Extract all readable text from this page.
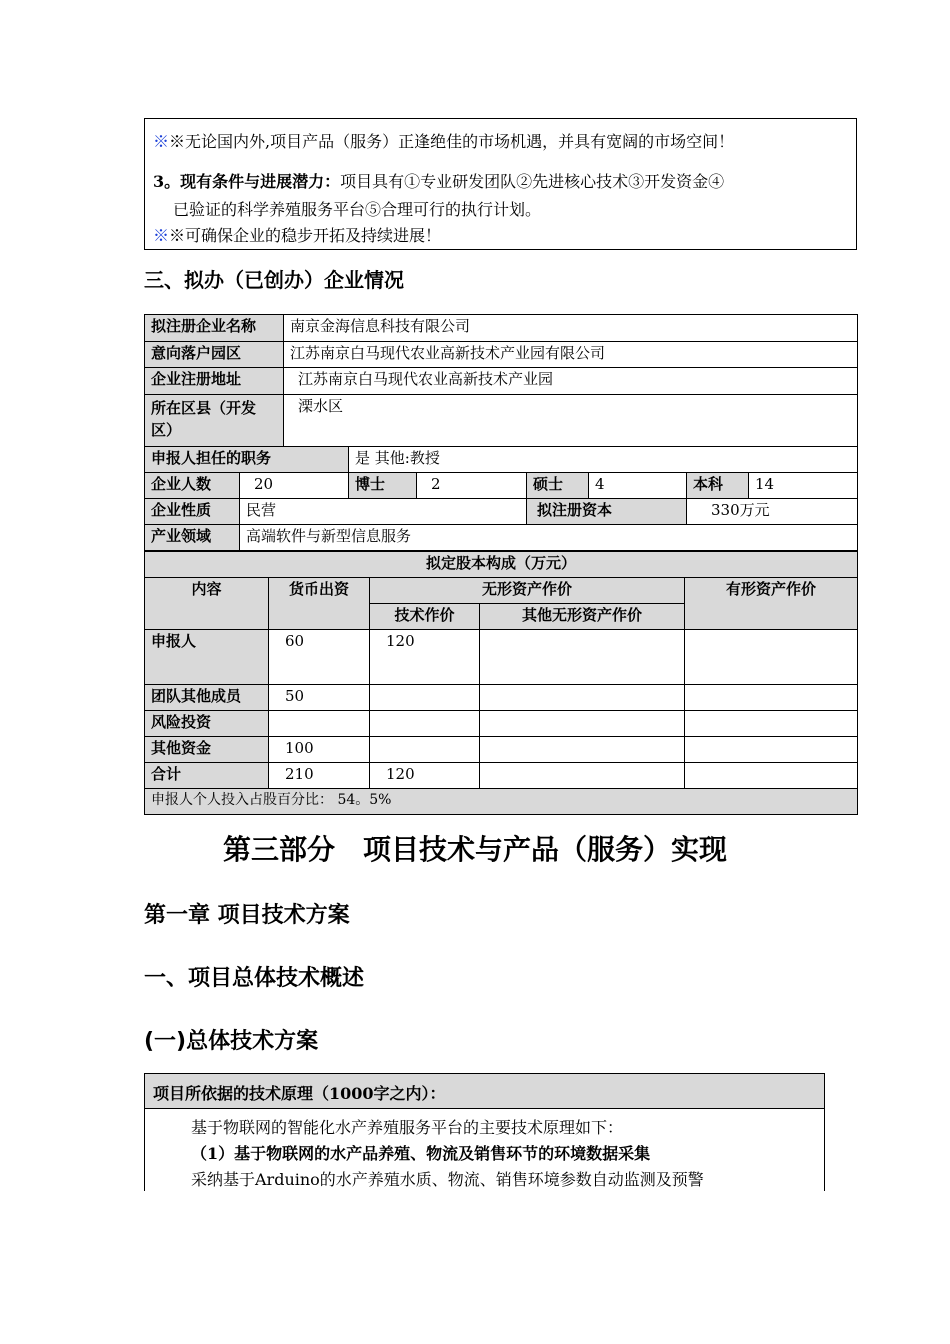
※※无论国内外,项目产品（服务）正逢绝佳的市场机遇，并具有宽阔的市场空间！
3。现有条件与进展潜力：项目具有①专业研发团队②先进核心技术③开发资金④
已验证的科学养殖服务平台⑤合理可行的执行计划。
※※可确保企业的稳步开拓及持续进展！
三、拟办（已创办）企业情况
拟注册企业名称		南京金海信息科技有限公司						
意向落户园区		江苏南京白马现代农业高新技术产业园有限公司						
企业注册地址		江苏南京白马现代农业高新技术产业园						
所在区县（开发区）		溧水区						
申报人担任的职务			是 其他:教授					
企业人数	20		博士	2	硕士	4	本科	14
企业性质	民营				拟注册资本		330万元	
产业领域	高端软件与新型信息服务							
拟定股本构成（万元）				
内容	货币出资	无形资产作价		有形资产作价
		技术作价	其他无形资产作价	
申报人	60	120		
团队其他成员	50			
风险投资				
其他资金	100			
合计	210	120		
申报人个人投入占股百分比： 54。5%				
第三部分　项目技术与产品（服务）实现
第一章 项目技术方案
一、项目总体技术概述
(一)总体技术方案
项目所依据的技术原理（1000字之内）：
基于物联网的智能化水产养殖服务平台的主要技术原理如下：
（1）基于物联网的水产品养殖、物流及销售环节的环境数据采集
采纳基于Arduino的水产养殖水质、物流、销售环境参数自动监测及预警
